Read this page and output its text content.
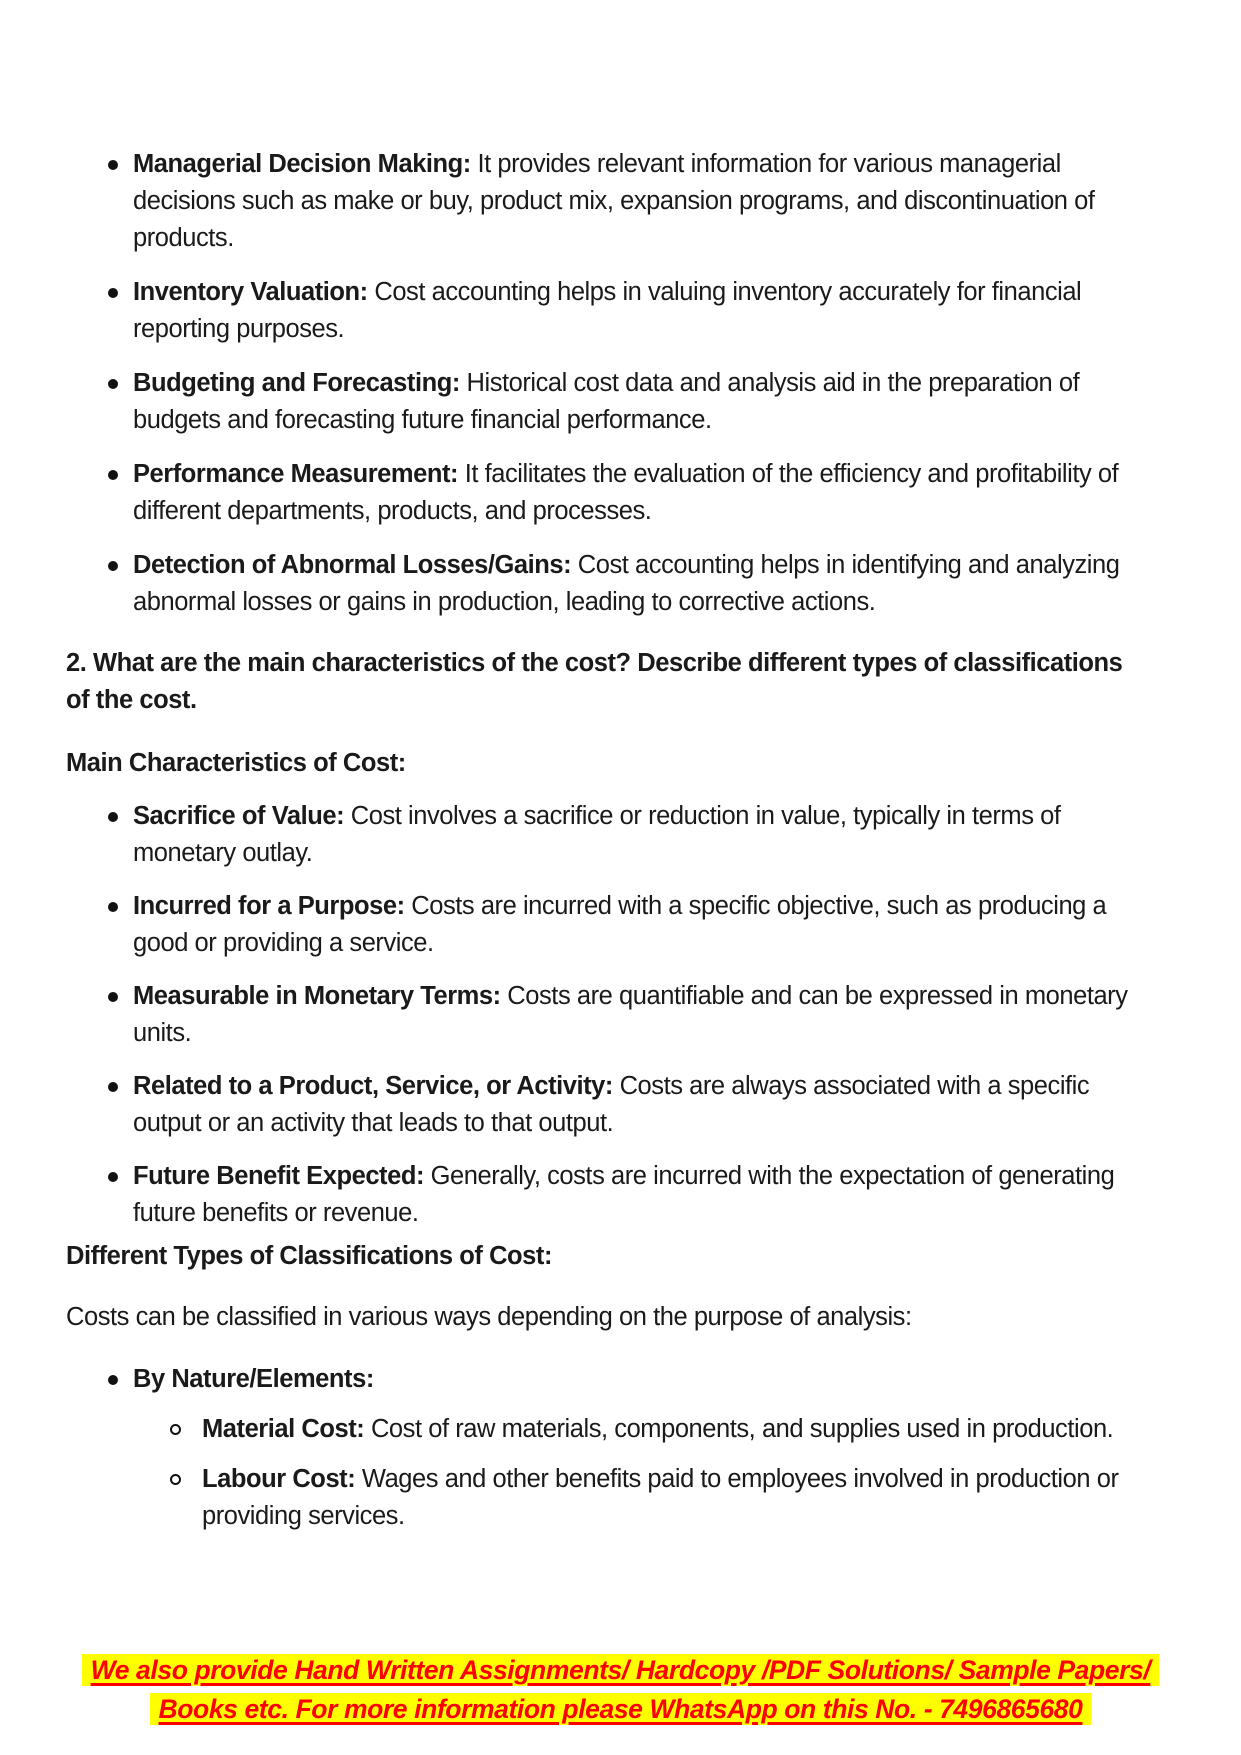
Managerial Decision Making: It provides relevant information for various managerial decisions such as make or buy, product mix, expansion programs, and discontinuation of products.
Inventory Valuation: Cost accounting helps in valuing inventory accurately for financial reporting purposes.
Budgeting and Forecasting: Historical cost data and analysis aid in the preparation of budgets and forecasting future financial performance.
Performance Measurement: It facilitates the evaluation of the efficiency and profitability of different departments, products, and processes.
Detection of Abnormal Losses/Gains: Cost accounting helps in identifying and analyzing abnormal losses or gains in production, leading to corrective actions.
2. What are the main characteristics of the cost? Describe different types of classifications
of the cost.
Main Characteristics of Cost:
Sacrifice of Value: Cost involves a sacrifice or reduction in value, typically in terms of monetary outlay.
Incurred for a Purpose: Costs are incurred with a specific objective, such as producing a good or providing a service.
Measurable in Monetary Terms: Costs are quantifiable and can be expressed in monetary units.
Related to a Product, Service, or Activity: Costs are always associated with a specific output or an activity that leads to that output.
Future Benefit Expected: Generally, costs are incurred with the expectation of generating future benefits or revenue.
Different Types of Classifications of Cost:
Costs can be classified in various ways depending on the purpose of analysis:
By Nature/Elements:
Material Cost: Cost of raw materials, components, and supplies used in production.
Labour Cost: Wages and other benefits paid to employees involved in production or providing services.
We also provide Hand Written Assignments/ Hardcopy /PDF Solutions/ Sample Papers/
Books etc. For more information please WhatsApp on this No. - 7496865680
